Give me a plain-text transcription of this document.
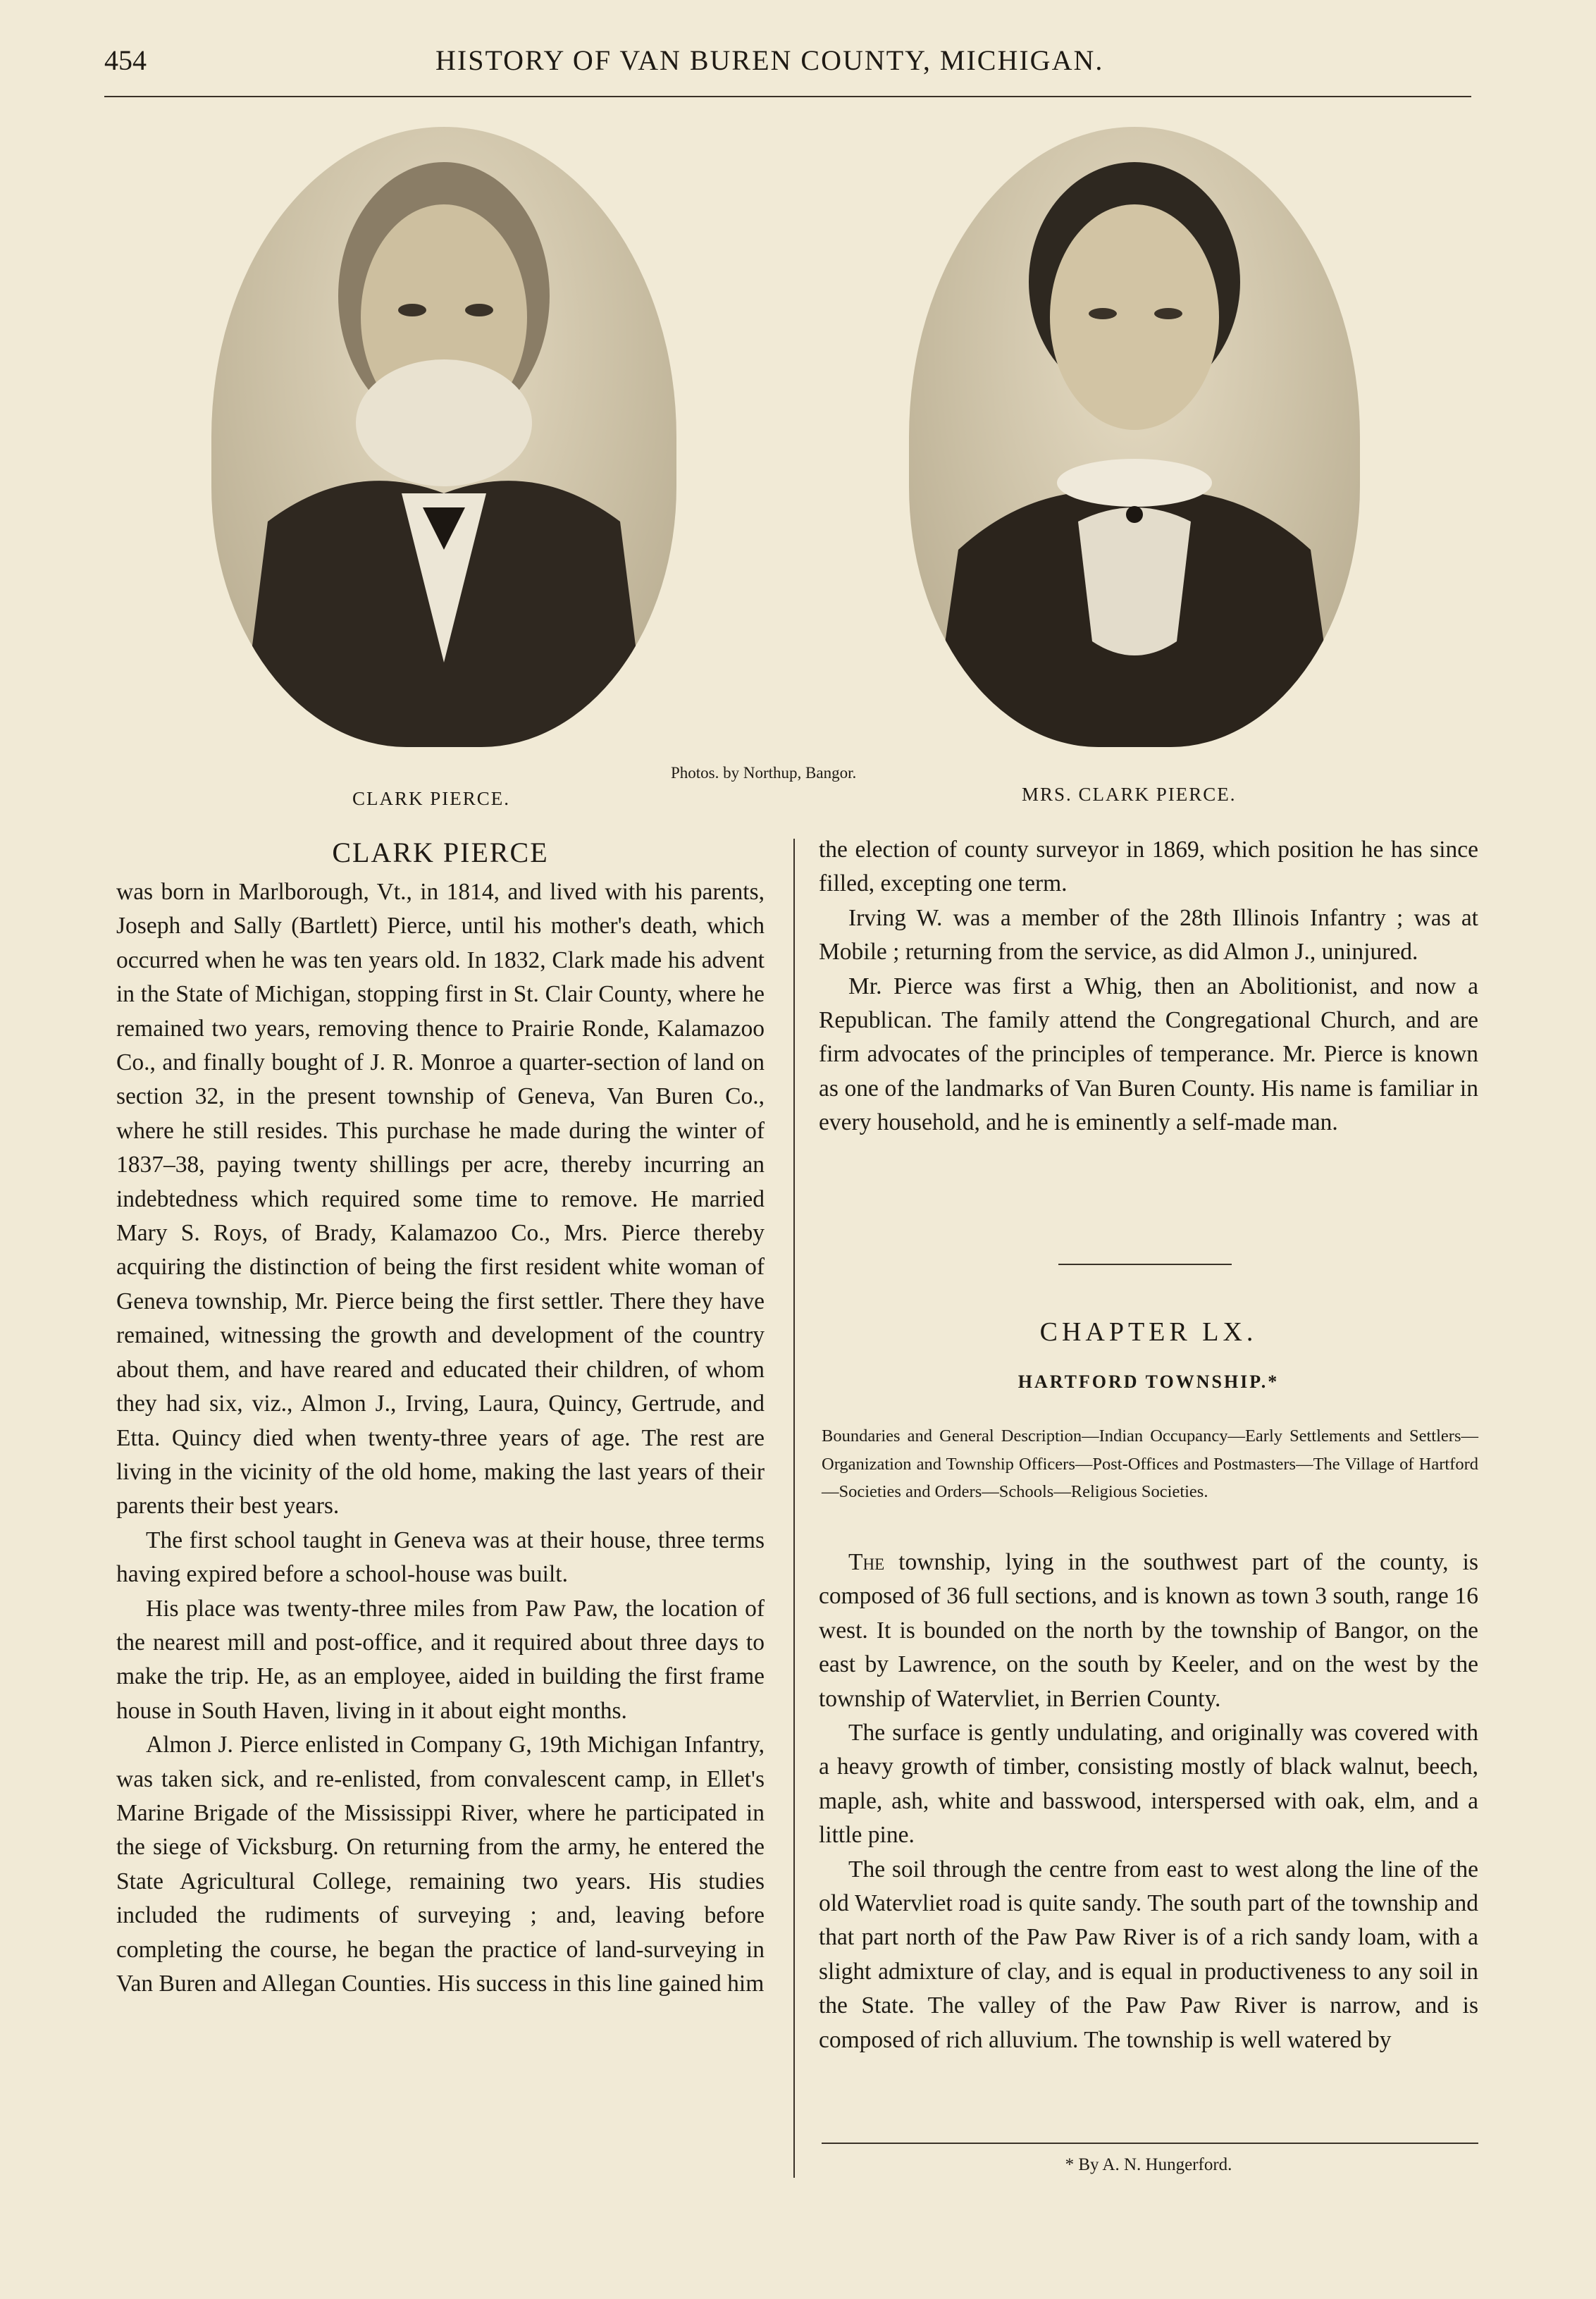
454	HISTORY OF VAN BUREN COUNTY, MICHIGAN.
CLARK PIERCE.
Photos. by Northup, Bangor.
MRS. CLARK PIERCE.
CLARK PIERCE

was born in Marlborough, Vt., in 1814, and lived with his parents, Joseph and Sally (Bartlett) Pierce, until his mother's death, which occurred when he was ten years old. In 1832, Clark made his advent in the State of Michigan, stopping first in St. Clair County, where he remained two years, removing thence to Prairie Ronde, Kalamazoo Co., and finally bought of J. R. Monroe a quarter-section of land on section 32, in the present township of Geneva, Van Buren Co., where he still resides. This purchase he made during the winter of 1837–38, paying twenty shillings per acre, thereby incurring an indebtedness which required some time to remove. He married Mary S. Roys, of Brady, Kalamazoo Co., Mrs. Pierce thereby acquiring the distinction of being the first resident white woman of Geneva township, Mr. Pierce being the first settler. There they have remained, witnessing the growth and development of the country about them, and have reared and educated their children, of whom they had six, viz., Almon J., Irving, Laura, Quincy, Gertrude, and Etta. Quincy died when twenty-three years of age. The rest are living in the vicinity of the old home, making the last years of their parents their best years.

The first school taught in Geneva was at their house, three terms having expired before a school-house was built.

His place was twenty-three miles from Paw Paw, the location of the nearest mill and post-office, and it required about three days to make the trip. He, as an employee, aided in building the first frame house in South Haven, living in it about eight months.

Almon J. Pierce enlisted in Company G, 19th Michigan Infantry, was taken sick, and re-enlisted, from convalescent camp, in Ellet's Marine Brigade of the Mississippi River, where he participated in the siege of Vicksburg. On returning from the army, he entered the State Agricultural College, remaining two years. His studies included the rudiments of surveying ; and, leaving before completing the course, he began the practice of land-surveying in Van Buren and Allegan Counties. His success in this line gained him

the election of county surveyor in 1869, which position he has since filled, excepting one term.

Irving W. was a member of the 28th Illinois Infantry ; was at Mobile ; returning from the service, as did Almon J., uninjured.

Mr. Pierce was first a Whig, then an Abolitionist, and now a Republican. The family attend the Congregational Church, and are firm advocates of the principles of temperance. Mr. Pierce is known as one of the landmarks of Van Buren County. His name is familiar in every household, and he is eminently a self-made man.

CHAPTER LX.
HARTFORD TOWNSHIP.*
Boundaries and General Description—Indian Occupancy—Early Settlements and Settlers—Organization and Township Officers—Post-Offices and Postmasters—The Village of Hartford—Societies and Orders—Schools—Religious Societies.

The township, lying in the southwest part of the county, is composed of 36 full sections, and is known as town 3 south, range 16 west. It is bounded on the north by the township of Bangor, on the east by Lawrence, on the south by Keeler, and on the west by the township of Watervliet, in Berrien County.

The surface is gently undulating, and originally was covered with a heavy growth of timber, consisting mostly of black walnut, beech, maple, ash, white and basswood, interspersed with oak, elm, and a little pine.

The soil through the centre from east to west along the line of the old Watervliet road is quite sandy. The south part of the township and that part north of the Paw Paw River is of a rich sandy loam, with a slight admixture of clay, and is equal in productiveness to any soil in the State. The valley of the Paw Paw River is narrow, and is composed of rich alluvium. The township is well watered by

* By A. N. Hungerford.
